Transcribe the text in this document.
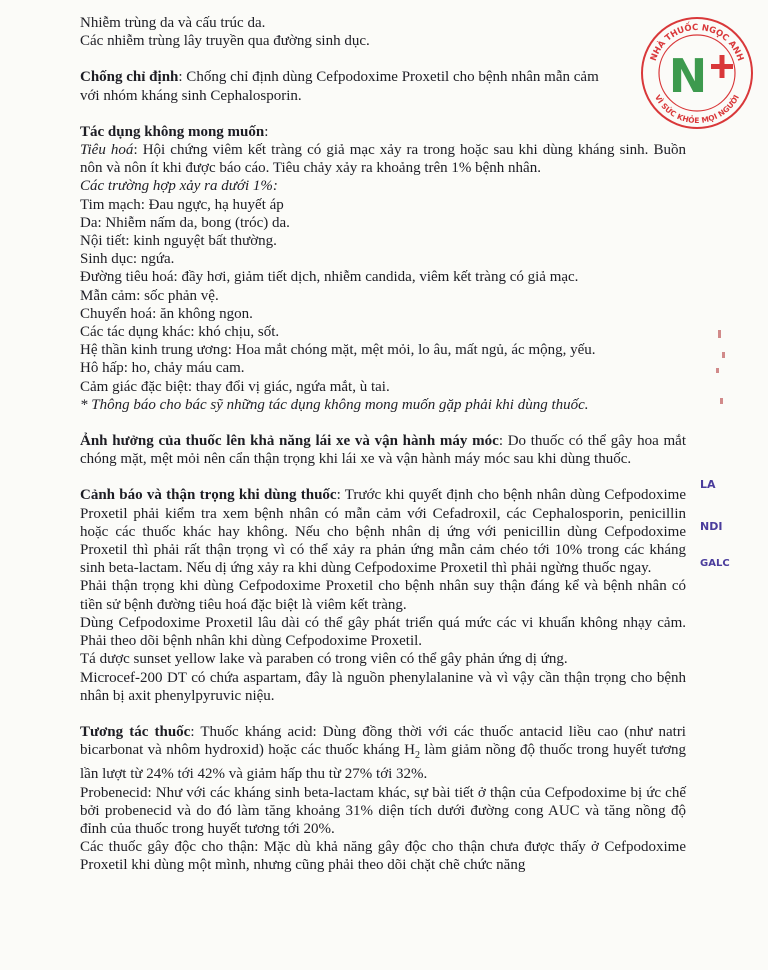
NHÀ THUỐC NGỌC ANH
VÌ SỨC KHỎE MỌI NGƯỜI
N
LA
NDI
GALC

Nhiễm trùng da và cấu trúc da.

Các nhiễm trùng lây truyền qua đường sinh dục.

Chống chỉ định: Chống chỉ định dùng Cefpodoxime Proxetil cho bệnh nhân mẫn cảm với nhóm kháng sinh Cephalosporin.

Tác dụng không mong muốn:

Tiêu hoá: Hội chứng viêm kết tràng có giả mạc xảy ra trong hoặc sau khi dùng kháng sinh. Buồn nôn và nôn ít khi được báo cáo. Tiêu chảy xảy ra khoảng trên 1% bệnh nhân.

Các trường hợp xảy ra dưới 1%:

Tim mạch: Đau ngực, hạ huyết áp

Da: Nhiễm nấm da, bong (tróc) da.

Nội tiết: kinh nguyệt bất thường.

Sinh dục: ngứa.

Đường tiêu hoá: đầy hơi, giảm tiết dịch, nhiễm candida, viêm kết tràng có giả mạc.

Mẫn cảm: sốc phản vệ.

Chuyển hoá: ăn không ngon.

Các tác dụng khác: khó chịu, sốt.

Hệ thần kinh trung ương: Hoa mắt chóng mặt, mệt mỏi, lo âu, mất ngủ, ác mộng, yếu.

Hô hấp: ho, chảy máu cam.

Cảm giác đặc biệt: thay đổi vị giác, ngứa mắt, ù tai.

* Thông báo cho bác sỹ những tác dụng không mong muốn gặp phải khi dùng thuốc.

Ảnh hưởng của thuốc lên khả năng lái xe và vận hành máy móc: Do thuốc có thể gây hoa mắt chóng mặt, mệt mỏi nên cẩn thận trọng khi lái xe và vận hành máy móc sau khi dùng thuốc.

Cảnh báo và thận trọng khi dùng thuốc: Trước khi quyết định cho bệnh nhân dùng Cefpodoxime Proxetil phải kiểm tra xem bệnh nhân có mẫn cảm với Cefadroxil, các Cephalosporin, penicillin hoặc các thuốc khác hay không. Nếu cho bệnh nhân dị ứng với penicillin dùng Cefpodoxime Proxetil thì phải rất thận trọng vì có thể xảy ra phản ứng mẫn cảm chéo tới 10% trong các kháng sinh beta-lactam. Nếu dị ứng xảy ra khi dùng Cefpodoxime Proxetil thì phải ngừng thuốc ngay.

Phải thận trọng khi dùng Cefpodoxime Proxetil cho bệnh nhân suy thận đáng kể và bệnh nhân có tiền sử bệnh đường tiêu hoá đặc biệt là viêm kết tràng.

Dùng Cefpodoxime Proxetil lâu dài có thể gây phát triển quá mức các vi khuẩn không nhạy cảm. Phải theo dõi bệnh nhân khi dùng Cefpodoxime Proxetil.

Tá dược sunset yellow lake và paraben có trong viên có thể gây phản ứng dị ứng.

Microcef-200 DT có chứa aspartam, đây là nguồn phenylalanine và vì vậy cần thận trọng cho bệnh nhân bị axit phenylpyruvic niệu.

Tương tác thuốc: Thuốc kháng acid: Dùng đồng thời với các thuốc antacid liều cao (như natri bicarbonat và nhôm hydroxid) hoặc các thuốc kháng $H_2$ làm giảm nồng độ thuốc trong huyết tương lần lượt từ 24% tới 42% và giảm hấp thu từ 27% tới 32%.

Probenecid: Như với các kháng sinh beta-lactam khác, sự bài tiết ở thận của Cefpodoxime bị ức chế bởi probenecid và do đó làm tăng khoảng 31% diện tích dưới đường cong AUC và tăng nồng độ đỉnh của thuốc trong huyết tương tới 20%.

Các thuốc gây độc cho thận: Mặc dù khả năng gây độc cho thận chưa được thấy ở Cefpodoxime Proxetil khi dùng một mình, nhưng cũng phải theo dõi chặt chẽ chức năng
